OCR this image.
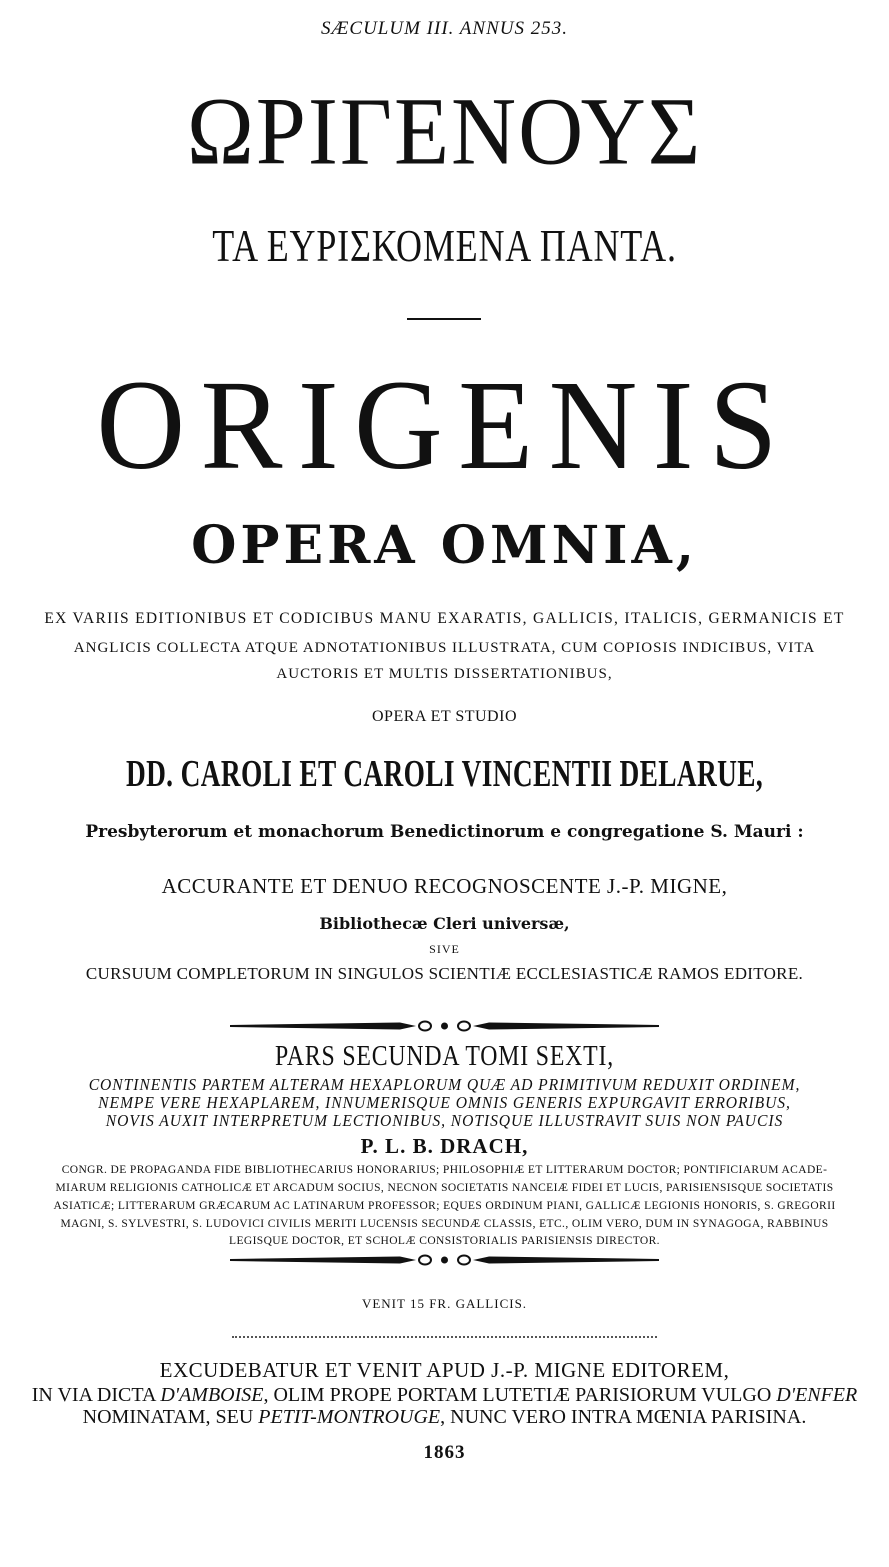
SÆCULUM III. ANNUS 253.
ΩΡΙΓΕΝΟΥΣ
ΤΑ ΕΥΡΙΣΚΟΜΕΝΑ ΠΑΝΤΑ.
ORIGENIS
OPERA OMNIA,
EX VARIIS EDITIONIBUS ET CODICIBUS MANU EXARATIS, GALLICIS, ITALICIS, GERMANICIS ET
ANGLICIS COLLECTA ATQUE ADNOTATIONIBUS ILLUSTRATA, CUM COPIOSIS INDICIBUS, VITA
AUCTORIS ET MULTIS DISSERTATIONIBUS,
OPERA ET STUDIO
DD. CAROLI ET CAROLI VINCENTII DELARUE,
Presbyterorum et monachorum Benedictinorum e congregatione S. Mauri :
ACCURANTE ET DENUO RECOGNOSCENTE J.-P. MIGNE,
Bibliothecæ Cleri universæ,
SIVE
CURSUUM COMPLETORUM IN SINGULOS SCIENTIÆ ECCLESIASTICÆ RAMOS EDITORE.
PARS SECUNDA TOMI SEXTI,
CONTINENTIS PARTEM ALTERAM HEXAPLORUM QUÆ AD PRIMITIVUM REDUXIT ORDINEM,
NEMPE VERE HEXAPLAREM, INNUMERISQUE OMNIS GENERIS EXPURGAVIT ERRORIBUS,
NOVIS AUXIT INTERPRETUM LECTIONIBUS, NOTISQUE ILLUSTRAVIT SUIS NON PAUCIS
P. L. B. DRACH,
CONGR. DE PROPAGANDA FIDE BIBLIOTHECARIUS HONORARIUS; PHILOSOPHIÆ ET LITTERARUM DOCTOR; PONTIFICIARUM ACADE-
MIARUM RELIGIONIS CATHOLICÆ ET ARCADUM SOCIUS, NECNON SOCIETATIS NANCEIÆ FIDEI ET LUCIS, PARISIENSISQUE SOCIETATIS
ASIATICÆ; LITTERARUM GRÆCARUM AC LATINARUM PROFESSOR; EQUES ORDINUM PIANI, GALLICÆ LEGIONIS HONORIS, S. GREGORII
MAGNI, S. SYLVESTRI, S. LUDOVICI CIVILIS MERITI LUCENSIS SECUNDÆ CLASSIS, ETC., OLIM VERO, DUM IN SYNAGOGA, RABBINUS
LEGISQUE DOCTOR, ET SCHOLÆ CONSISTORIALIS PARISIENSIS DIRECTOR.
VENIT 15 FR. GALLICIS.
EXCUDEBATUR ET VENIT APUD J.-P. MIGNE EDITOREM,
IN VIA DICTA D'AMBOISE, OLIM PROPE PORTAM LUTETIÆ PARISIORUM VULGO D'ENFER
NOMINATAM, SEU PETIT-MONTROUGE, NUNC VERO INTRA MŒNIA PARISINA.
1863
